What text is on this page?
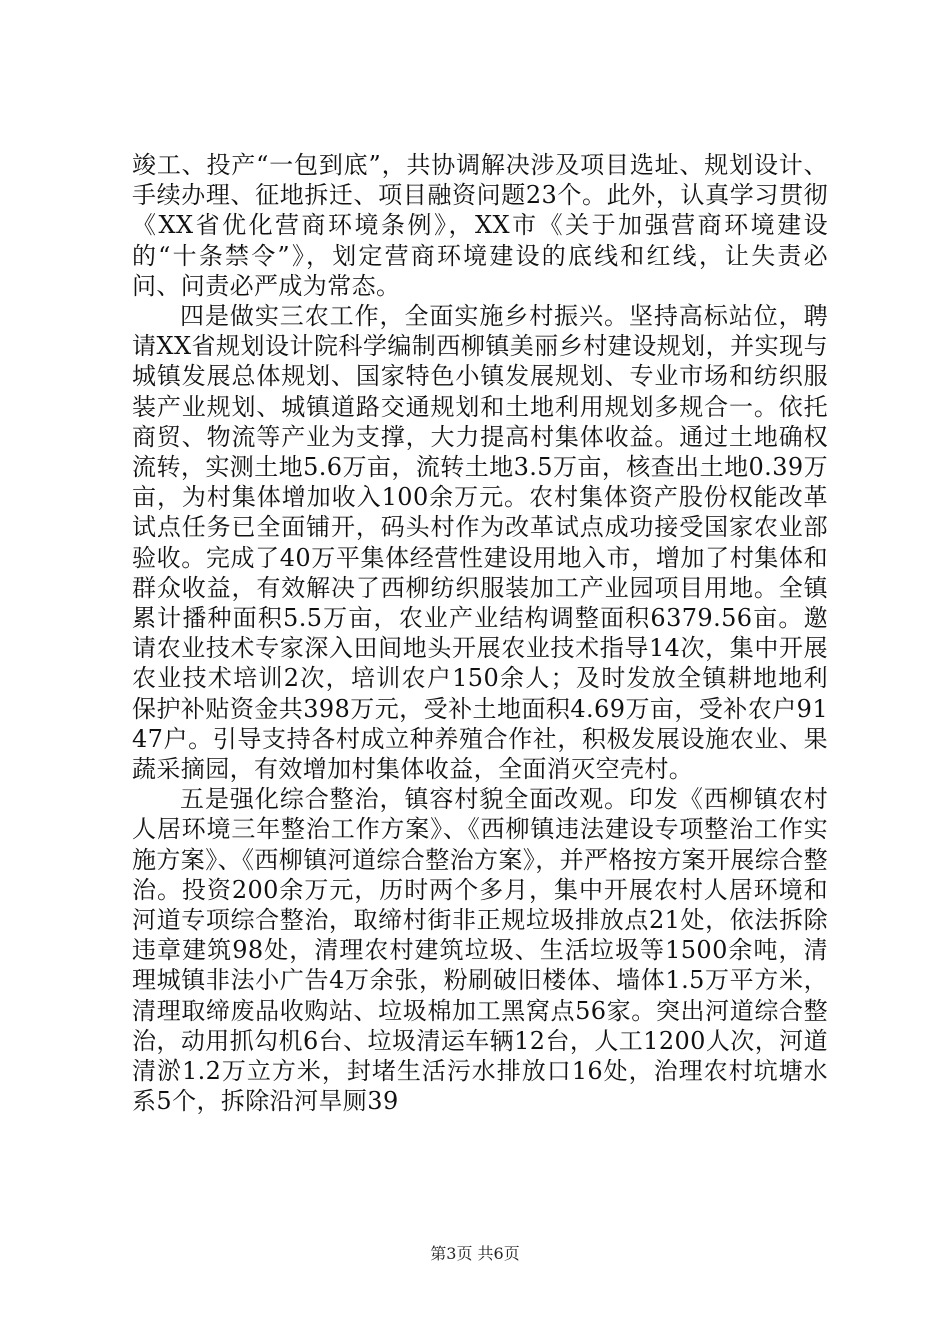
竣工、投产“一包到底”，共协调解决涉及项目选址、规划设计、手续办理、征地拆迁、项目融资问题23个。此外，认真学习贯彻《XX省优化营商环境条例》，XX市《关于加强营商环境建设的“十条禁令”》，划定营商环境建设的底线和红线，让失责必问、问责必严成为常态。

四是做实三农工作，全面实施乡村振兴。坚持高标站位，聘请XX省规划设计院科学编制西柳镇美丽乡村建设规划，并实现与城镇发展总体规划、国家特色小镇发展规划、专业市场和纺织服装产业规划、城镇道路交通规划和土地利用规划多规合一。依托商贸、物流等产业为支撑，大力提高村集体收益。通过土地确权流转，实测土地5.6万亩，流转土地3.5万亩，核查出土地0.39万亩，为村集体增加收入100余万元。农村集体资产股份权能改革试点任务已全面铺开，码头村作为改革试点成功接受国家农业部验收。完成了40万平集体经营性建设用地入市，增加了村集体和群众收益，有效解决了西柳纺织服装加工产业园项目用地。全镇累计播种面积5.5万亩，农业产业结构调整面积6379.56亩。邀请农业技术专家深入田间地头开展农业技术指导14次，集中开展农业技术培训2次，培训农户150余人；及时发放全镇耕地地利保护补贴资金共398万元，受补土地面积4.69万亩，受补农户9147户。引导支持各村成立种养殖合作社，积极发展设施农业、果蔬采摘园，有效增加村集体收益，全面消灭空壳村。

五是强化综合整治，镇容村貌全面改观。印发《西柳镇农村人居环境三年整治工作方案》、《西柳镇违法建设专项整治工作实施方案》、《西柳镇河道综合整治方案》，并严格按方案开展综合整治。投资200余万元，历时两个多月，集中开展农村人居环境和河道专项综合整治，取缔村街非正规垃圾排放点21处，依法拆除违章建筑98处，清理农村建筑垃圾、生活垃圾等1500余吨，清理城镇非法小广告4万余张，粉刷破旧楼体、墙体1.5万平方米，清理取缔废品收购站、垃圾棉加工黑窝点56家。突出河道综合整治，动用抓勾机6台、垃圾清运车辆12台，人工1200人次，河道清淤1.2万立方米，封堵生活污水排放口16处，治理农村坑塘水系5个，拆除沿河旱厕39

第3页 共6页
